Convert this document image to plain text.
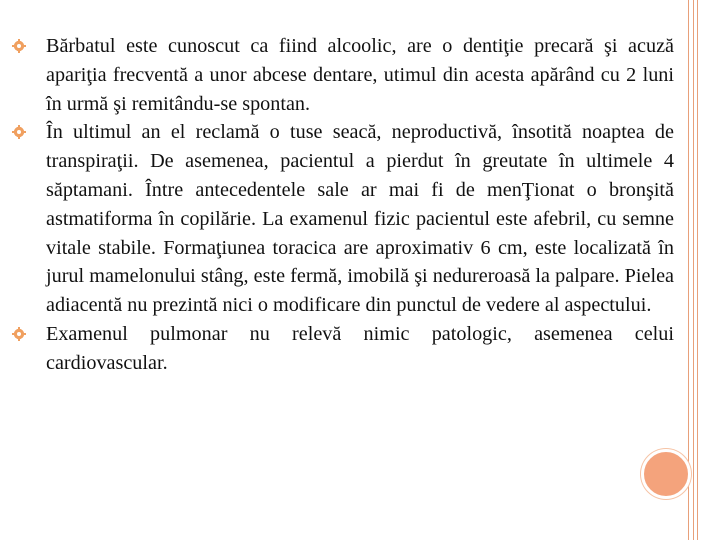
Bărbatul este cunoscut ca fiind alcoolic, are o dentiţie precară şi acuză apariţia frecventă a unor abcese dentare, utimul din acesta apărând cu 2 luni în urmă şi remitându-se spontan.
În ultimul an el reclamă o tuse seacă, neproductivă, însotită noaptea de transpiraţii. De asemenea, pacientul a pierdut în greutate în ultimele 4 săptamani. Între antecedentele sale ar mai fi de menŢionat o bronşită astmatiforma în copilărie. La examenul fizic pacientul este afebril, cu semne vitale stabile. Formaţiunea toracica are aproximativ 6 cm, este localizată în jurul mamelonului stâng, este fermă, imobilă şi nedureroasă la palpare. Pielea adiacentă nu prezintă nici o modificare din punctul de vedere al aspectului.
Examenul pulmonar nu relevă nimic patologic, asemenea celui cardiovascular.
